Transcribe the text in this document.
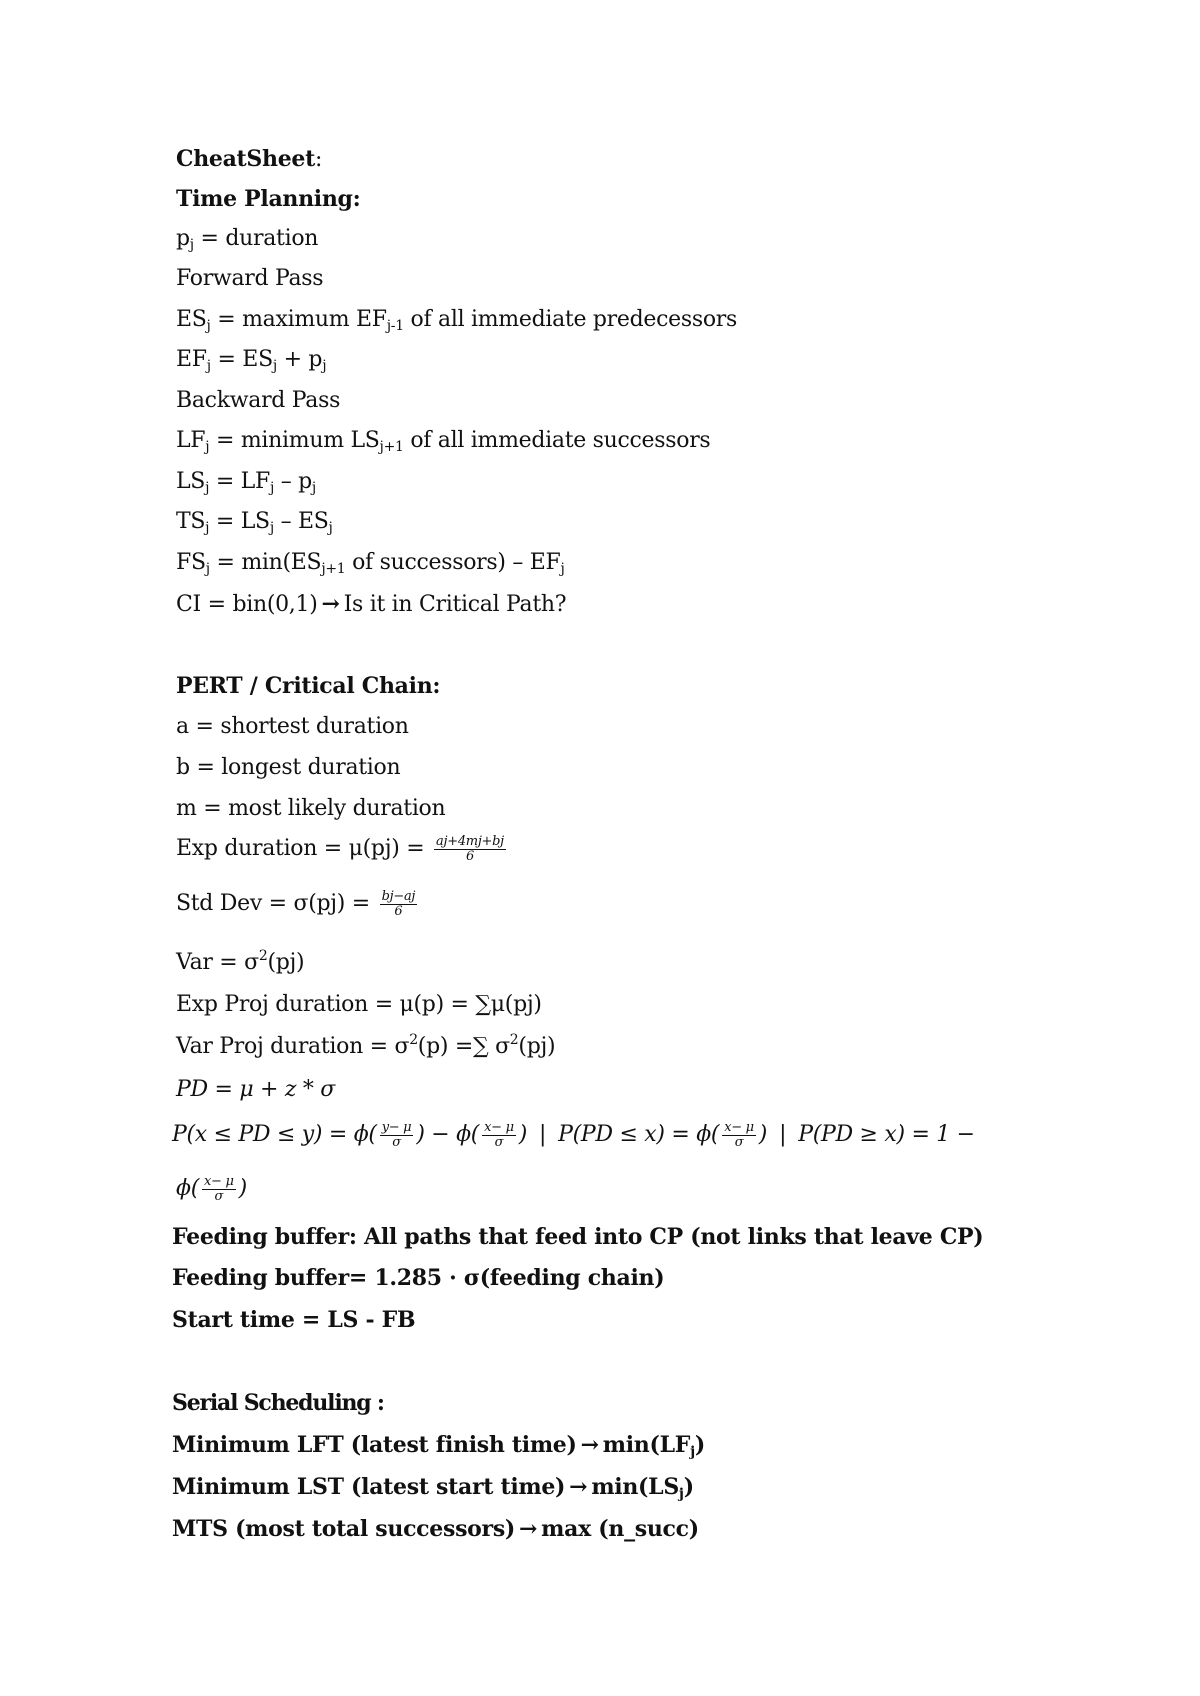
CheatSheet:
Time Planning:
$p_j$ = duration
Forward Pass
$ES_j$ = maximum $EF_{j-1}$ of all immediate predecessors
$EF_j = ES_j + p_j$
Backward Pass
$LF_j$ = minimum $LS_{j+1}$ of all immediate successors
$LS_j = LF_j - p_j$
$TS_j = LS_j - ES_j$
$FS_j = \min(ES_{j+1}$ of successors) – $EF_j$
CI = bin(0,1) → Is it in Critical Path?
PERT / Critical Chain:
a = shortest duration
b = longest duration
m = most likely duration
Exp duration = $\mu(pj) = \frac{aj+4mj+bj}{6}$
Std Dev = $\sigma(pj) = \frac{bj-aj}{6}$
Var = $\sigma^2(pj)$
Exp Proj duration = μ(p) = ∑μ(pj)
Var Proj duration = $\sigma^2(p)$ =∑ $\sigma^2(pj)$
PD = μ + z * σ
P(x ≤ PD ≤ $y) = \phi( \frac{y- \mu}{\sigma}$ ) − $\phi( \frac{x- \mu}{\sigma}$ ) | $P(PD \le x) = \phi( \frac{x- \mu}{\sigma}$ ) | P(PD ≥ x) = 1 −
$\phi( \frac{x- \mu}{\sigma}$ )
Feeding buffer: All paths that feed into CP (not links that leave CP)
Feeding buffer= 1.285 · σ(feeding chain)
Start time = LS - FB
Serial Scheduling :
Minimum LFT (latest finish time) → $\min(LF_j)$
Minimum LST (latest start time) → $\min(LS_j)$
MTS (most total successors) → max (n_succ)
